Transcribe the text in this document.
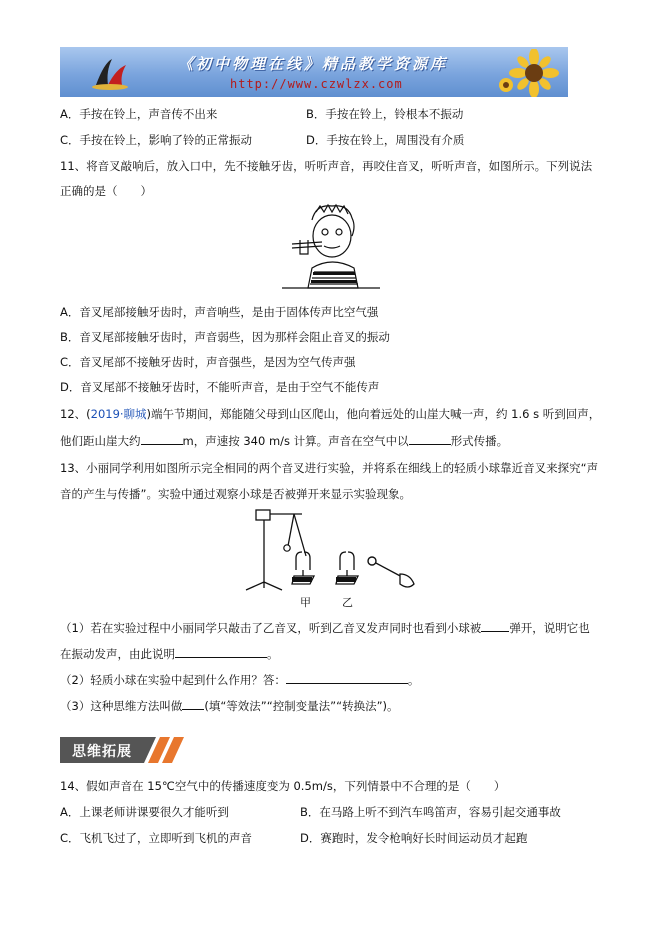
《初中物理在线》精品教学资源库
http://www.czwlzx.com
A．手按在铃上，声音传不出来	B．手按在铃上，铃根本不振动
C．手按在铃上，影响了铃的正常振动	D．手按在铃上，周围没有介质
11、将音叉敲响后，放入口中，先不接触牙齿，听听声音，再咬住音叉，听听声音，如图所示。下列说法
正确的是（　　）
A．音叉尾部接触牙齿时，声音响些，是由于固体传声比空气强
B．音叉尾部接触牙齿时，声音弱些，因为那样会阻止音叉的振动
C．音叉尾部不接触牙齿时，声音强些，是因为空气传声强
D．音叉尾部不接触牙齿时，不能听声音，是由于空气不能传声
12、(2019·聊城)端午节期间，郑能随父母到山区爬山，他向着远处的山崖大喊一声，约 1.6 s 听到回声，
他们距山崖大约	m，声速按 340 m/s 计算。声音在空气中以	形式传播。
13、小丽同学利用如图所示完全相同的两个音叉进行实验，并将系在细线上的轻质小球靠近音叉来探究“声
音的产生与传播”。实验中通过观察小球是否被弹开来显示实验现象。
甲	乙
（1）若在实验过程中小丽同学只敲击了乙音叉，听到乙音叉发声同时也看到小球被 弹开，说明它也
在振动发声，由此说明	。
（2）轻质小球在实验中起到什么作用？答：	。
（3）这种思维方法叫做 (填“等效法”“控制变量法”“转换法”)。
思维拓展
14、假如声音在 15℃空气中的传播速度变为 0.5m/s，下列情景中不合理的是（　　）
A．上课老师讲课要很久才能听到	B．在马路上听不到汽车鸣笛声，容易引起交通事故
C．飞机飞过了，立即听到飞机的声音	D．赛跑时，发令枪响好长时间运动员才起跑
